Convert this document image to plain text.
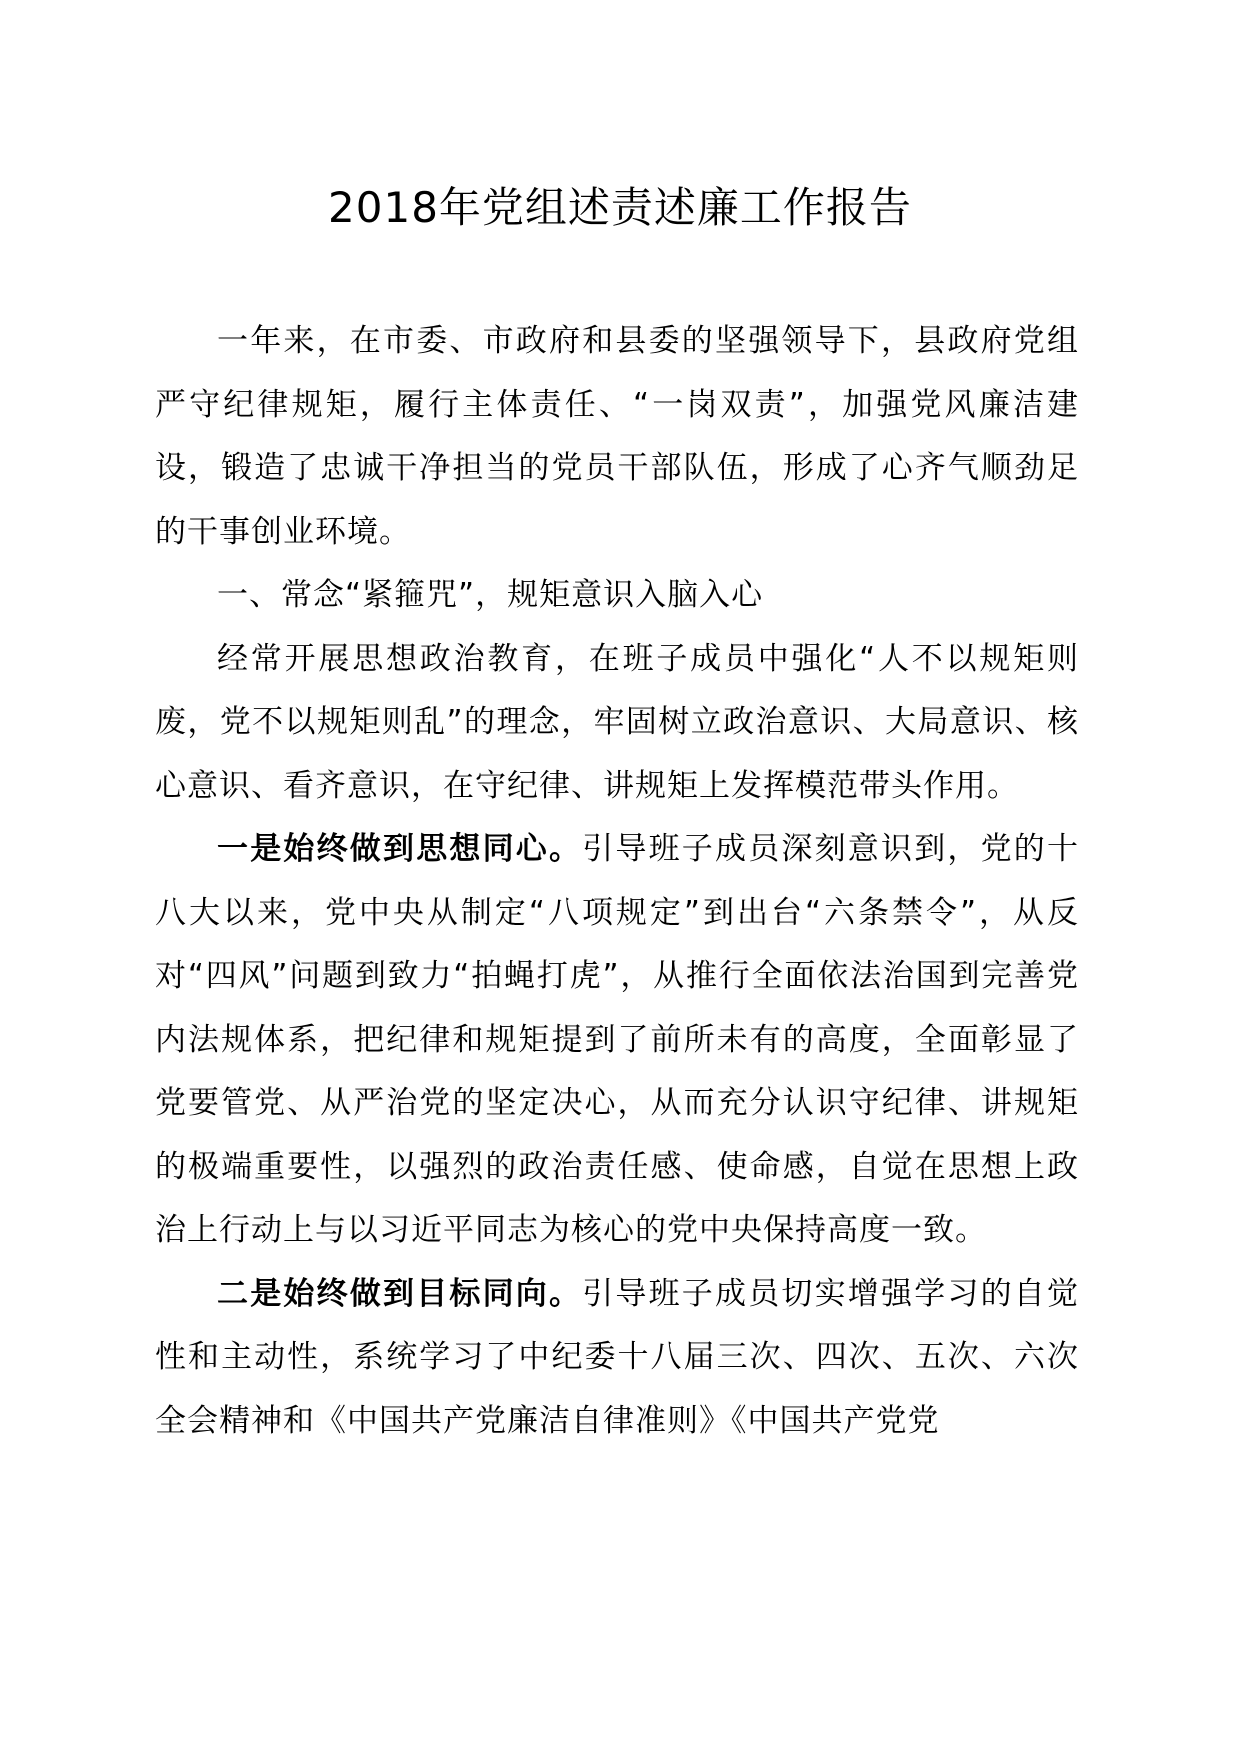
2018年党组述责述廉工作报告

一年来，在市委、市政府和县委的坚强领导下，县政府党组严守纪律规矩，履行主体责任、“一岗双责”，加强党风廉洁建设，锻造了忠诚干净担当的党员干部队伍，形成了心齐气顺劲足的干事创业环境。

一、常念“紧箍咒”，规矩意识入脑入心

经常开展思想政治教育，在班子成员中强化“人不以规矩则废，党不以规矩则乱”的理念，牢固树立政治意识、大局意识、核心意识、看齐意识，在守纪律、讲规矩上发挥模范带头作用。

一是始终做到思想同心。引导班子成员深刻意识到，党的十八大以来，党中央从制定“八项规定”到出台“六条禁令”，从反对“四风”问题到致力“拍蝇打虎”，从推行全面依法治国到完善党内法规体系，把纪律和规矩提到了前所未有的高度，全面彰显了党要管党、从严治党的坚定决心，从而充分认识守纪律、讲规矩的极端重要性，以强烈的政治责任感、使命感，自觉在思想上政治上行动上与以习近平同志为核心的党中央保持高度一致。

二是始终做到目标同向。引导班子成员切实增强学习的自觉性和主动性，系统学习了中纪委十八届三次、四次、五次、六次全会精神和《中国共产党廉洁自律准则》《中国共产党党
